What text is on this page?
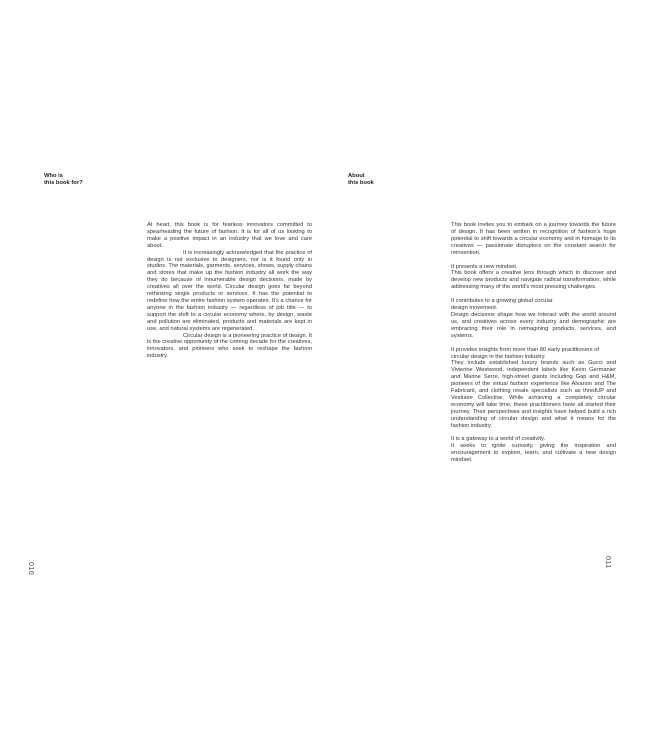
Who is
this book for?

At heart, this book is for fearless innovators committed to spearheading the future of fashion. It is for all of us looking to make a positive impact in an industry that we love and care about.

It is increasingly acknowledged that the practice of design is not exclusive to designers, nor is it found only in studios. The materials, garments, services, shows, supply chains and stores that make up the fashion industry all work the way they do because of innumerable design decisions, made by creatives all over the world. Circular design goes far beyond rethinking single products or services. It has the potential to redefine how the entire fashion system operates. It's a chance for anyone in the fashion industry — regardless of job title — to support the shift to a circular economy where, by design, waste and pollution are eliminated, products and materials are kept in use, and natural systems are regenerated.

Circular design is a pioneering practice of design. It is the creative opportunity of the coming decade for the creatives, innovators, and pioneers who seek to reshape the fashion industry.

010
About
this book

This book invites you to embark on a journey towards the future of design. It has been written in recognition of fashion's huge potential to shift towards a circular economy and in homage to its creatives — passionate disruptors on the constant search for reinvention.

It presents a new mindset.

This book offers a creative lens through which to discover and develop new products and navigate radical transformation, while addressing many of the world's most pressing challenges.

It contributes to a growing global circular design movement.

Design decisions shape how we interact with the world around us, and creatives across every industry and demographic are embracing their role in reimagining products, services, and systems.

It provides insights from more than 80 early practitioners of circular design in the fashion industry.

They include established luxury brands such as Gucci and Vivienne Westwood, independent labels like Kevin Germanier and Marine Serre, high-street giants including Gap and H&M, pioneers of the virtual fashion experience like Alvanon and The Fabricant, and clothing resale specialists such as thredUP and Vestiaire Collective. While achieving a completely circular economy will take time, these practitioners have all started their journey. Their perspectives and insights have helped build a rich understanding of circular design and what it means for the fashion industry.

It is a gateway to a world of creativity.

It seeks to ignite curiosity, giving the inspiration and encouragement to explore, learn, and cultivate a new design mindset.

011
